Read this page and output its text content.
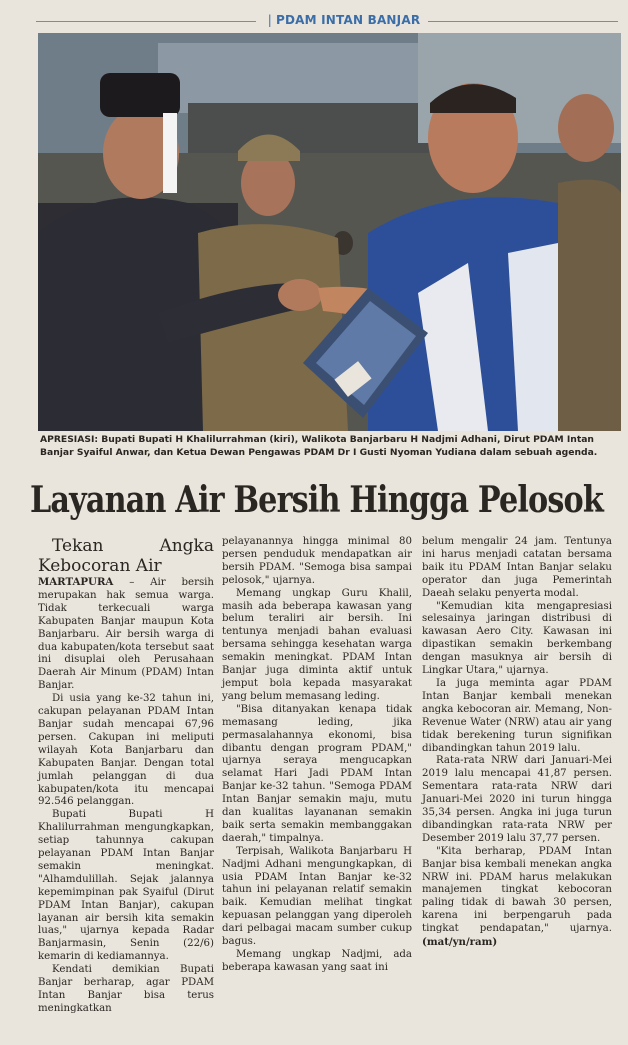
| PDAM INTAN BANJAR
APRESIASI: Bupati Bupati H Khalilurrahman (kiri), Walikota Banjarbaru H Nadjmi Adhani, Dirut PDAM Intan Banjar Syaiful Anwar, dan Ketua Dewan Pengawas PDAM Dr I Gusti Nyoman Yudiana dalam sebuah agenda.
Layanan Air Bersih Hingga Pelosok

Tekan Angka Kebocoran Air

MARTAPURA – Air bersih merupakan hak semua warga. Tidak terkecuali warga Kabupaten Banjar maupun Kota Banjarbaru. Air bersih warga di dua kabupaten/kota tersebut saat ini disuplai oleh Perusahaan Daerah Air Minum (PDAM) Intan Banjar.

Di usia yang ke-32 tahun ini, cakupan pelayanan PDAM Intan Banjar sudah mencapai 67,96 persen. Cakupan ini meliputi wilayah Kota Banjarbaru dan Kabupaten Banjar. Dengan total jumlah pelanggan di dua kabupaten/kota itu mencapai 92.546 pelanggan.

Bupati Bupati H Khalilurrahman mengungkapkan, setiap tahunnya cakupan pelayanan PDAM Intan Banjar semakin meningkat. "Alhamdulillah. Sejak jalannya kepemimpinan pak Syaiful (Dirut PDAM Intan Banjar), cakupan layanan air bersih kita semakin luas," ujarnya kepada Radar Banjarmasin, Senin (22/6) kemarin di kediamannya.

Kendati demikian Bupati Banjar berharap, agar PDAM Intan Banjar bisa terus meningkatkan

pelayanannya hingga minimal 80 persen penduduk mendapatkan air bersih PDAM. "Semoga bisa sampai pelosok," ujarnya.

Memang ungkap Guru Khalil, masih ada beberapa kawasan yang belum teraliri air bersih. Ini tentunya menjadi bahan evaluasi bersama sehingga kesehatan warga semakin meningkat. PDAM Intan Banjar juga diminta aktif untuk jemput bola kepada masyarakat yang belum memasang leding.

"Bisa ditanyakan kenapa tidak memasang leding, jika permasalahannya ekonomi, bisa dibantu dengan program PDAM," ujarnya seraya mengucapkan selamat Hari Jadi PDAM Intan Banjar ke-32 tahun. "Semoga PDAM Intan Banjar semakin maju, mutu dan kualitas layananan semakin baik serta semakin membanggakan daerah," timpalnya.

Terpisah, Walikota Banjarbaru H Nadjmi Adhani mengungkapkan, di usia PDAM Intan Banjar ke-32 tahun ini pelayanan relatif semakin baik. Kemudian melihat tingkat kepuasan pelanggan yang diperoleh dari pelbagai macam sumber cukup bagus.

Memang ungkap Nadjmi, ada beberapa kawasan yang saat ini

belum mengalir 24 jam. Tentunya ini harus menjadi catatan bersama baik itu PDAM Intan Banjar selaku operator dan juga Pemerintah Daeah selaku penyerta modal.

"Kemudian kita mengapresiasi selesainya jaringan distribusi di kawasan Aero City. Kawasan ini dipastikan semakin berkembang dengan masuknya air bersih di Lingkar Utara," ujarnya.

Ia juga meminta agar PDAM Intan Banjar kembali menekan angka kebocoran air. Memang, Non-Revenue Water (NRW) atau air yang tidak berekening turun signifikan dibandingkan tahun 2019 lalu.

Rata-rata NRW dari Januari-Mei 2019 lalu mencapai 41,87 persen. Sementara rata-rata NRW dari Januari-Mei 2020 ini turun hingga 35,34 persen. Angka ini juga turun dibandingkan rata-rata NRW per Desember 2019 lalu 37,77 persen.

"Kita berharap, PDAM Intan Banjar bisa kembali menekan angka NRW ini. PDAM harus melakukan manajemen tingkat kebocoran paling tidak di bawah 30 persen, karena ini berpengaruh pada tingkat pendapatan," ujarnya. (mat/yn/ram)
